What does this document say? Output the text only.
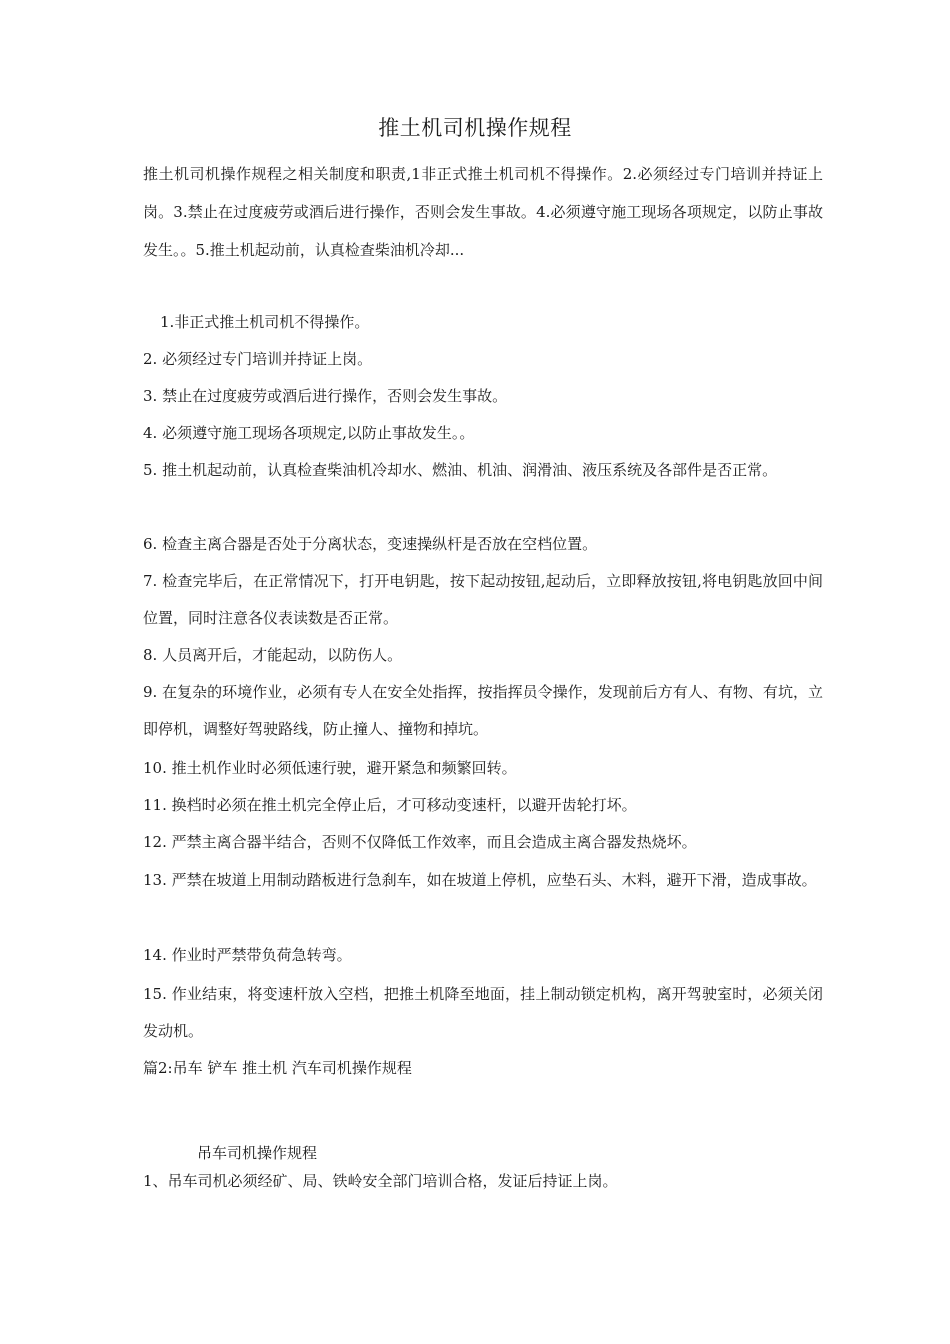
推土机司机操作规程
推土机司机操作规程之相关制度和职责,1非正式推土机司机不得操作。2.必须经过专门培训并持证上岗。3.禁止在过度疲劳或酒后进行操作，否则会发生事故。4.必须遵守施工现场各项规定，以防止事故发生。。5.推土机起动前，认真检查柴油机冷却...
1.非正式推土机司机不得操作。
2. 必须经过专门培训并持证上岗。
3. 禁止在过度疲劳或酒后进行操作，否则会发生事故。
4. 必须遵守施工现场各项规定,以防止事故发生。。
5. 推土机起动前，认真检查柴油机冷却水、燃油、机油、润滑油、液压系统及各部件是否正常。
6. 检查主离合器是否处于分离状态，变速操纵杆是否放在空档位置。
7. 检查完毕后，在正常情况下，打开电钥匙，按下起动按钮,起动后，立即释放按钮,将电钥匙放回中间位置，同时注意各仪表读数是否正常。
8. 人员离开后，才能起动，以防伤人。
9. 在复杂的环境作业，必须有专人在安全处指挥，按指挥员令操作，发现前后方有人、有物、有坑，立即停机，调整好驾驶路线，防止撞人、撞物和掉坑。
10. 推土机作业时必须低速行驶，避开紧急和频繁回转。
11. 换档时必须在推土机完全停止后，才可移动变速杆，以避开齿轮打坏。
12. 严禁主离合器半结合，否则不仅降低工作效率，而且会造成主离合器发热烧坏。
13. 严禁在坡道上用制动踏板进行急刹车，如在坡道上停机，应垫石头、木料，避开下滑，造成事故。
14. 作业时严禁带负荷急转弯。
15. 作业结束，将变速杆放入空档，把推土机降至地面，挂上制动锁定机构，离开驾驶室时，必须关闭发动机。
篇2:吊车 铲车 推土机 汽车司机操作规程
吊车司机操作规程
1、吊车司机必须经矿、局、铁岭安全部门培训合格，发证后持证上岗。
